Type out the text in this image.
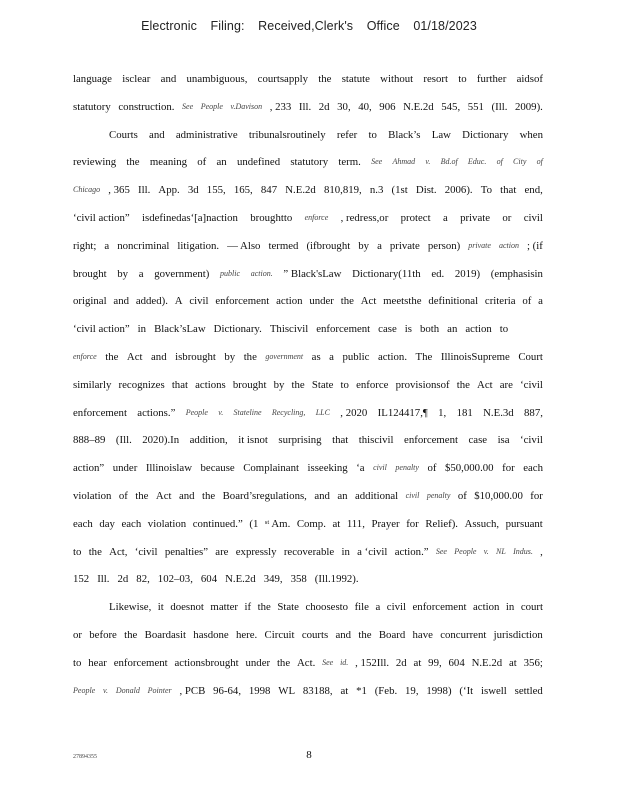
Electronic Filing: Received,Clerk's Office 01/18/2023
language isclear and unambiguous, courtsapply the statute without resort to further aidsof
statutory construction. See People v.Davison , 233 Ill. 2d 30, 40, 906 N.E.2d 545, 551 (Ill. 2009).
Courts and administrative tribunalsroutinely refer to Black’s Law Dictionary when
reviewing the meaning of an undefined statutory term. See Ahmad v. Bd.of Educ. of City of
Chicago , 365 Ill. App. 3d 155, 165, 847 N.E.2d 810,819, n.3 (1st Dist. 2006). To that end,
‘civil action” isdefinedas‘[a]naction broughtto enforce , redress,or protect a private or civil
right; a noncriminal litigation. — Also termed (ifbrought by a private person) private action ; (if
brought by a government) public action. ” Black'sLaw Dictionary(11th ed. 2019) (emphasisin
original and added). A civil enforcement action under the Act meetsthe definitional criteria of a
‘civil action” in Black’sLaw Dictionary. Thiscivil enforcement case is both an action to
enforce the Act and isbrought by the government as a public action. The IllinoisSupreme Court
similarly recognizes that actions brought by the State to enforce provisionsof the Act are ‘civil
enforcement actions.” People v. Stateline Recycling, LLC , 2020 IL124417,¶ 1, 181 N.E.3d 887,
888–89 (Ill. 2020).In addition, it isnot surprising that thiscivil enforcement case isa ‘civil
action” under Illinoislaw because Complainant isseeking ‘a civil penalty of $50,000.00 for each
violation of the Act and the Board’sregulations, and an additional civil penalty of $10,000.00 for
each day each violation continued.” (1 ˢᵗ Am. Comp. at 111, Prayer for Relief). Assuch, pursuant
to the Act, ‘civil penalties” are expressly recoverable in a ‘civil action.” See People v. NL Indus. ,
152 Ill. 2d 82, 102–03, 604 N.E.2d 349, 358 (Ill.1992).
Likewise, it doesnot matter if the State choosesto file a civil enforcement action in court
or before the Boardasit hasdone here. Circuit courts and the Board have concurrent jurisdiction
to hear enforcement actionsbrought under the Act. See id. , 152Ill. 2d at 99, 604 N.E.2d at 356;
People v. Donald Pointer , PCB 96-64, 1998 WL 83188, at *1 (Feb. 19, 1998) (‘It iswell settled
27894355	8
